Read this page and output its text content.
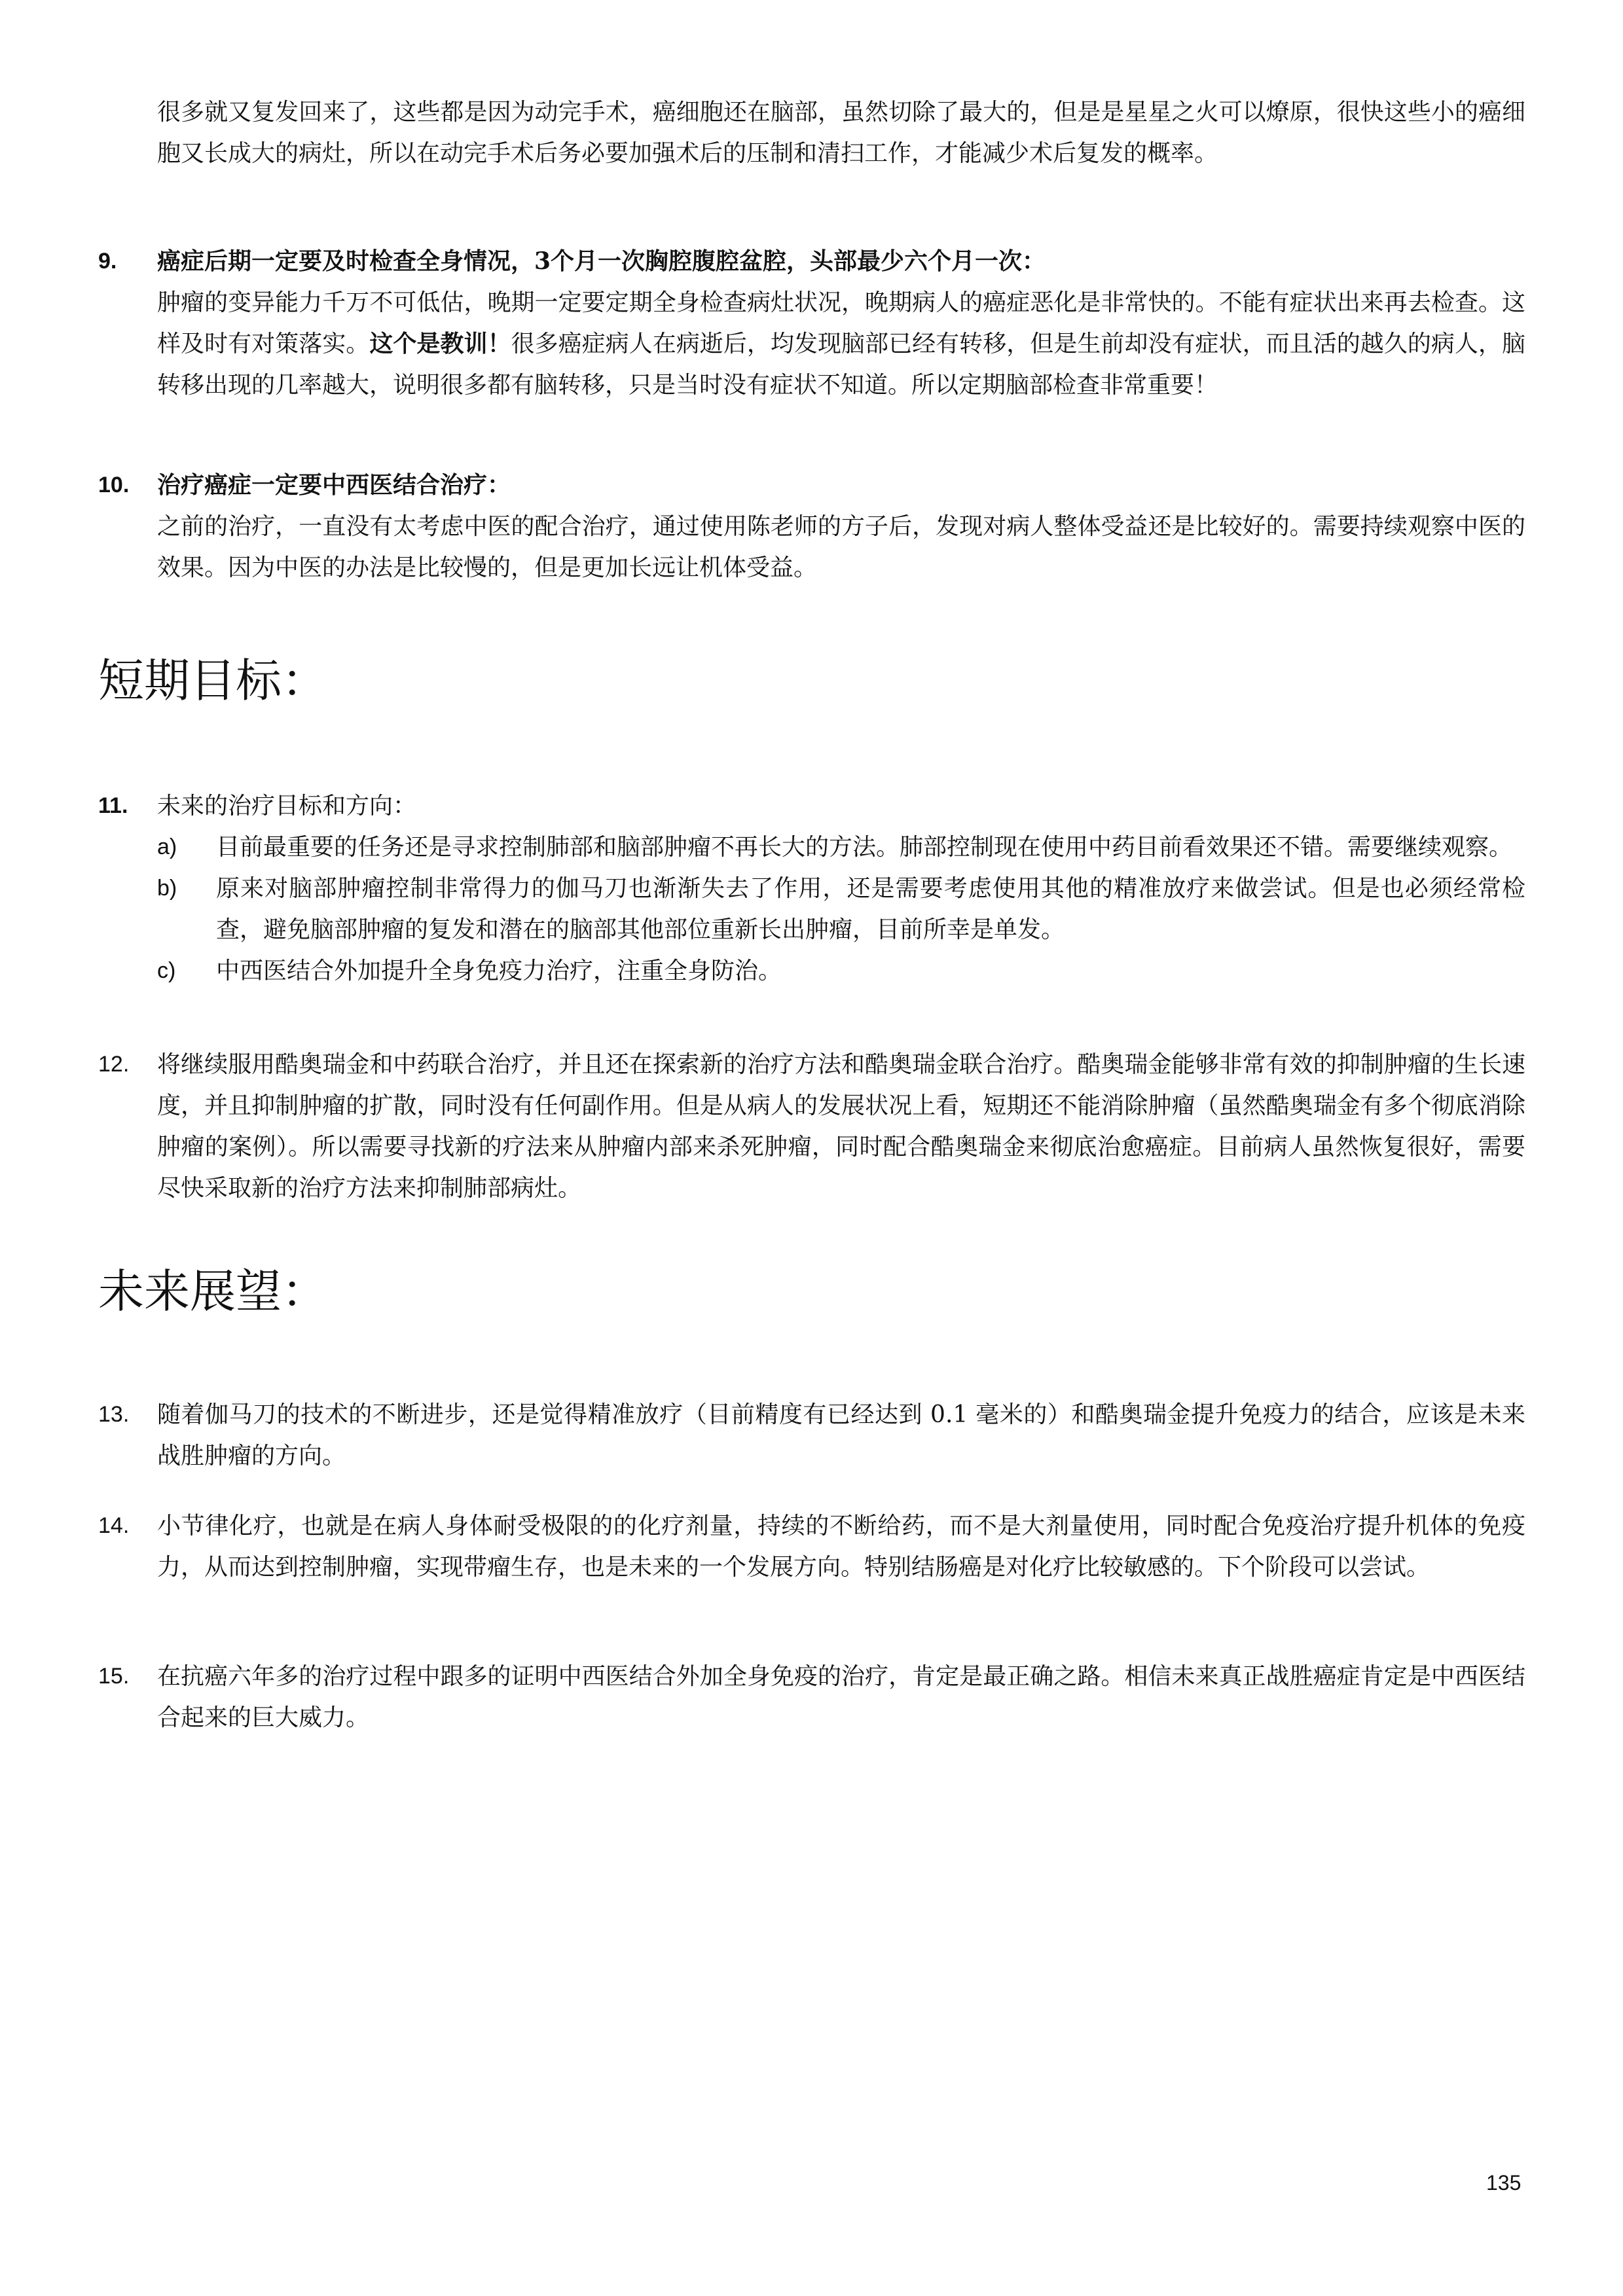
很多就又复发回来了，这些都是因为动完手术，癌细胞还在脑部，虽然切除了最大的，但是是星星之火可以燎原，很快这些小的癌细胞又长成大的病灶，所以在动完手术后务必要加强术后的压制和清扫工作，才能减少术后复发的概率。

9.	癌症后期一定要及时检查全身情况，3个月一次胸腔腹腔盆腔，头部最少六个月一次：

肿瘤的变异能力千万不可低估，晚期一定要定期全身检查病灶状况，晚期病人的癌症恶化是非常快的。不能有症状出来再去检查。这样及时有对策落实。这个是教训！很多癌症病人在病逝后，均发现脑部已经有转移，但是生前却没有症状，而且活的越久的病人，脑转移出现的几率越大，说明很多都有脑转移，只是当时没有症状不知道。所以定期脑部检查非常重要！

10.	治疗癌症一定要中西医结合治疗：

之前的治疗，一直没有太考虑中医的配合治疗，通过使用陈老师的方子后，发现对病人整体受益还是比较好的。需要持续观察中医的效果。因为中医的办法是比较慢的，但是更加长远让机体受益。

短期目标：
11.	未来的治疗目标和方向：
a)	目前最重要的任务还是寻求控制肺部和脑部肿瘤不再长大的方法。肺部控制现在使用中药目前看效果还不错。需要继续观察。
b)	原来对脑部肿瘤控制非常得力的伽马刀也渐渐失去了作用，还是需要考虑使用其他的精准放疗来做尝试。但是也必须经常检查，避免脑部肿瘤的复发和潜在的脑部其他部位重新长出肿瘤，目前所幸是单发。
c)	中西医结合外加提升全身免疫力治疗，注重全身防治。
12.	将继续服用酷奥瑞金和中药联合治疗，并且还在探索新的治疗方法和酷奥瑞金联合治疗。酷奥瑞金能够非常有效的抑制肿瘤的生长速度，并且抑制肿瘤的扩散，同时没有任何副作用。但是从病人的发展状况上看，短期还不能消除肿瘤（虽然酷奥瑞金有多个彻底消除肿瘤的案例）。所以需要寻找新的疗法来从肿瘤内部来杀死肿瘤，同时配合酷奥瑞金来彻底治愈癌症。目前病人虽然恢复很好，需要尽快采取新的治疗方法来抑制肺部病灶。
未来展望：
13.	随着伽马刀的技术的不断进步，还是觉得精准放疗（目前精度有已经达到 0.1 毫米的）和酷奥瑞金提升免疫力的结合，应该是未来战胜肿瘤的方向。
14.	小节律化疗，也就是在病人身体耐受极限的的化疗剂量，持续的不断给药，而不是大剂量使用，同时配合免疫治疗提升机体的免疫力，从而达到控制肿瘤，实现带瘤生存，也是未来的一个发展方向。特别结肠癌是对化疗比较敏感的。下个阶段可以尝试。
15.	在抗癌六年多的治疗过程中跟多的证明中西医结合外加全身免疫的治疗，肯定是最正确之路。相信未来真正战胜癌症肯定是中西医结合起来的巨大威力。
135
